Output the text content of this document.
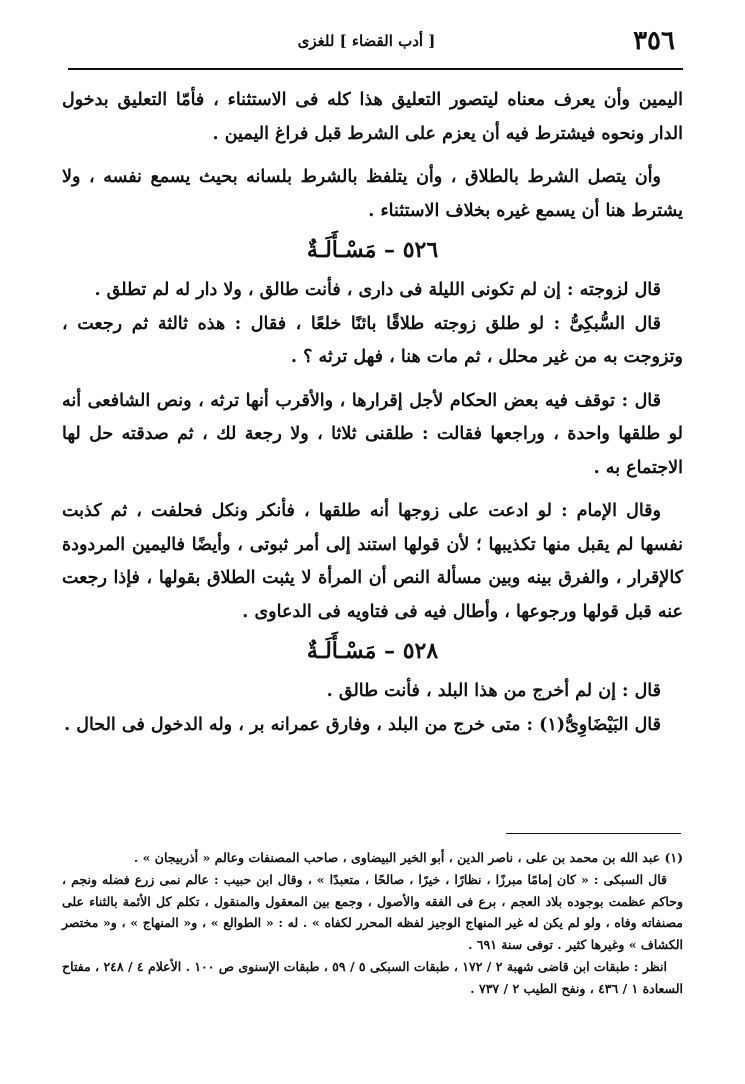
٣٥٦
[ أدب القضاء ] للغزى

اليمين وأن يعرف معناه ليتصور التعليق هذا كله فى الاستثناء ، فأمّا التعليق بدخول الدار ونحوه فيشترط فيه أن يعزم على الشرط قبل فراغ اليمين .

وأن يتصل الشرط بالطلاق ، وأن يتلفظ بالشرط بلسانه بحيث يسمع نفسه ، ولا يشترط هنا أن يسمع غيره بخلاف الاستثناء .

٥٢٦ – مَسْـأَلَـةٌ

قال لزوجته : إن لم تكونى الليلة فى دارى ، فأنت طالق ، ولا دار له لم تطلق .

قال السُّبكِىُّ : لو طلق زوجته طلاقًا بائنًا خلعًا ، فقال : هذه ثالثة ثم رجعت ، وتزوجت به من غير محلل ، ثم مات هنا ، فهل ترثه ؟ .

قال : توقف فيه بعض الحكام لأجل إقرارها ، والأقرب أنها ترثه ، ونص الشافعى أنه لو طلقها واحدة ، وراجعها فقالت : طلقنى ثلاثا ، ولا رجعة لك ، ثم صدقته حل لها الاجتماع به .

وقال الإمام : لو ادعت على زوجها أنه طلقها ، فأنكر ونكل فحلفت ، ثم كذبت نفسها لم يقبل منها تكذيبها ؛ لأن قولها استند إلى أمر ثبوتى ، وأيضًا فاليمين المردودة كالإقرار ، والفرق بينه وبين مسألة النص أن المرأة لا يثبت الطلاق بقولها ، فإذا رجعت عنه قبل قولها ورجوعها ، وأطال فيه فى فتاويه فى الدعاوى .

٥٢٨ – مَسْـأَلَـةٌ

قال : إن لم أخرج من هذا البلد ، فأنت طالق .

قال البَيْضَاوِىُّ(١) : متى خرج من البلد ، وفارق عمرانه بر ، وله الدخول فى الحال .

(١) عبد الله بن محمد بن على ، ناصر الدين ، أبو الخير البيضاوى ، صاحب المصنفات وعالم « أذربيجان » .

قال السبكى : « كان إمامًا مبرزًا ، نظارًا ، خيرًا ، صالحًا ، متعبدًا » ، وقال ابن حبيب : عالم نمى زرع فضله ونجم ، وحاكم عظمت بوجوده بلاد العجم ، برع فى الفقه والأصول ، وجمع بين المعقول والمنقول ، تكلم كل الأئمة بالثناء على مصنفاته وفاه ، ولو لم يكن له غير المنهاج الوجيز لفظه المحرر لكفاه » . له : « الطوالع » ، و« المنهاج » ، و« مختصر الكشاف » وغيرها كثير . توفى سنة ٦٩١ .

انظر : طبقات ابن قاضى شهبة ٢ / ١٧٢ ، طبقات السبكى ٥ / ٥٩ ، طبقات الإسنوى ص ١٠٠ . الأعلام ٤ / ٢٤٨ ، مفتاح السعادة ١ / ٤٣٦ ، ونفح الطيب ٢ / ٧٣٧ .
